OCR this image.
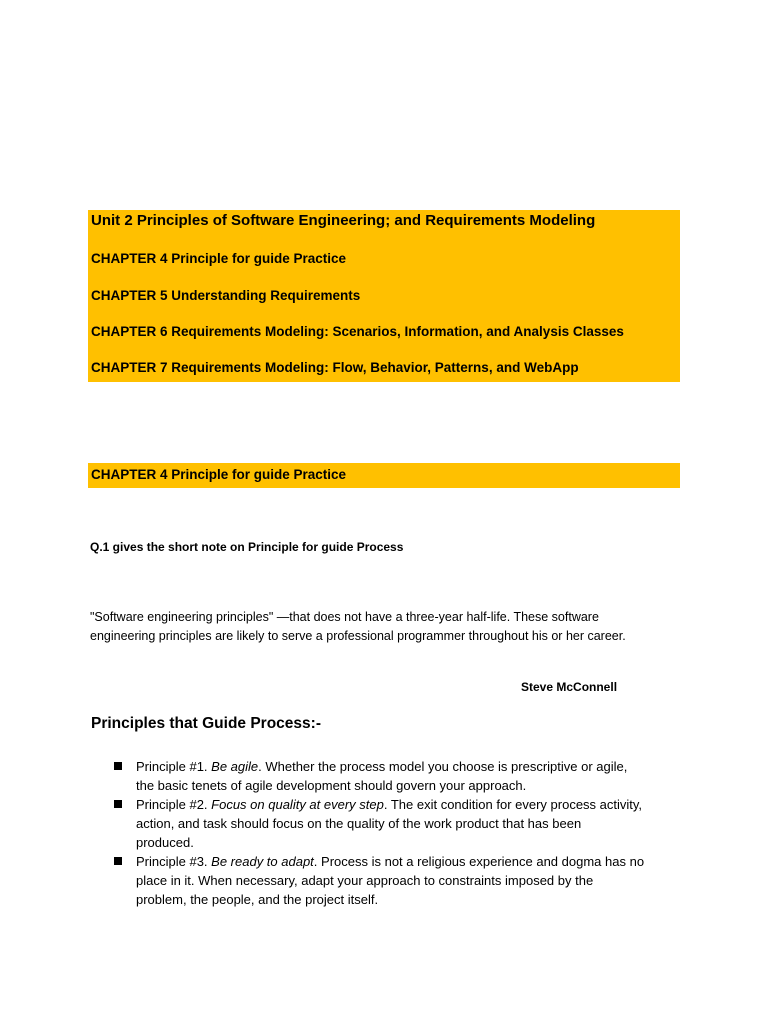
Unit 2 Principles of Software Engineering; and Requirements Modeling
CHAPTER 4 Principle for guide Practice
CHAPTER 5 Understanding Requirements
CHAPTER 6 Requirements Modeling: Scenarios, Information, and Analysis Classes
CHAPTER 7 Requirements Modeling: Flow, Behavior, Patterns, and WebApp
CHAPTER 4 Principle for guide Practice
Q.1 gives the short note on Principle for guide Process
"Software engineering principles" —that does not have a three-year half-life. These software
engineering principles are likely to serve a professional programmer throughout his or her career.
Steve McConnell
Principles that Guide Process:-
Principle #1. Be agile. Whether the process model you choose is prescriptive or agile,
the basic tenets of agile development should govern your approach.
Principle #2. Focus on quality at every step. The exit condition for every process activity,
action, and task should focus on the quality of the work product that has been
produced.
Principle #3. Be ready to adapt. Process is not a religious experience and dogma has no
place in it. When necessary, adapt your approach to constraints imposed by the
problem, the people, and the project itself.
